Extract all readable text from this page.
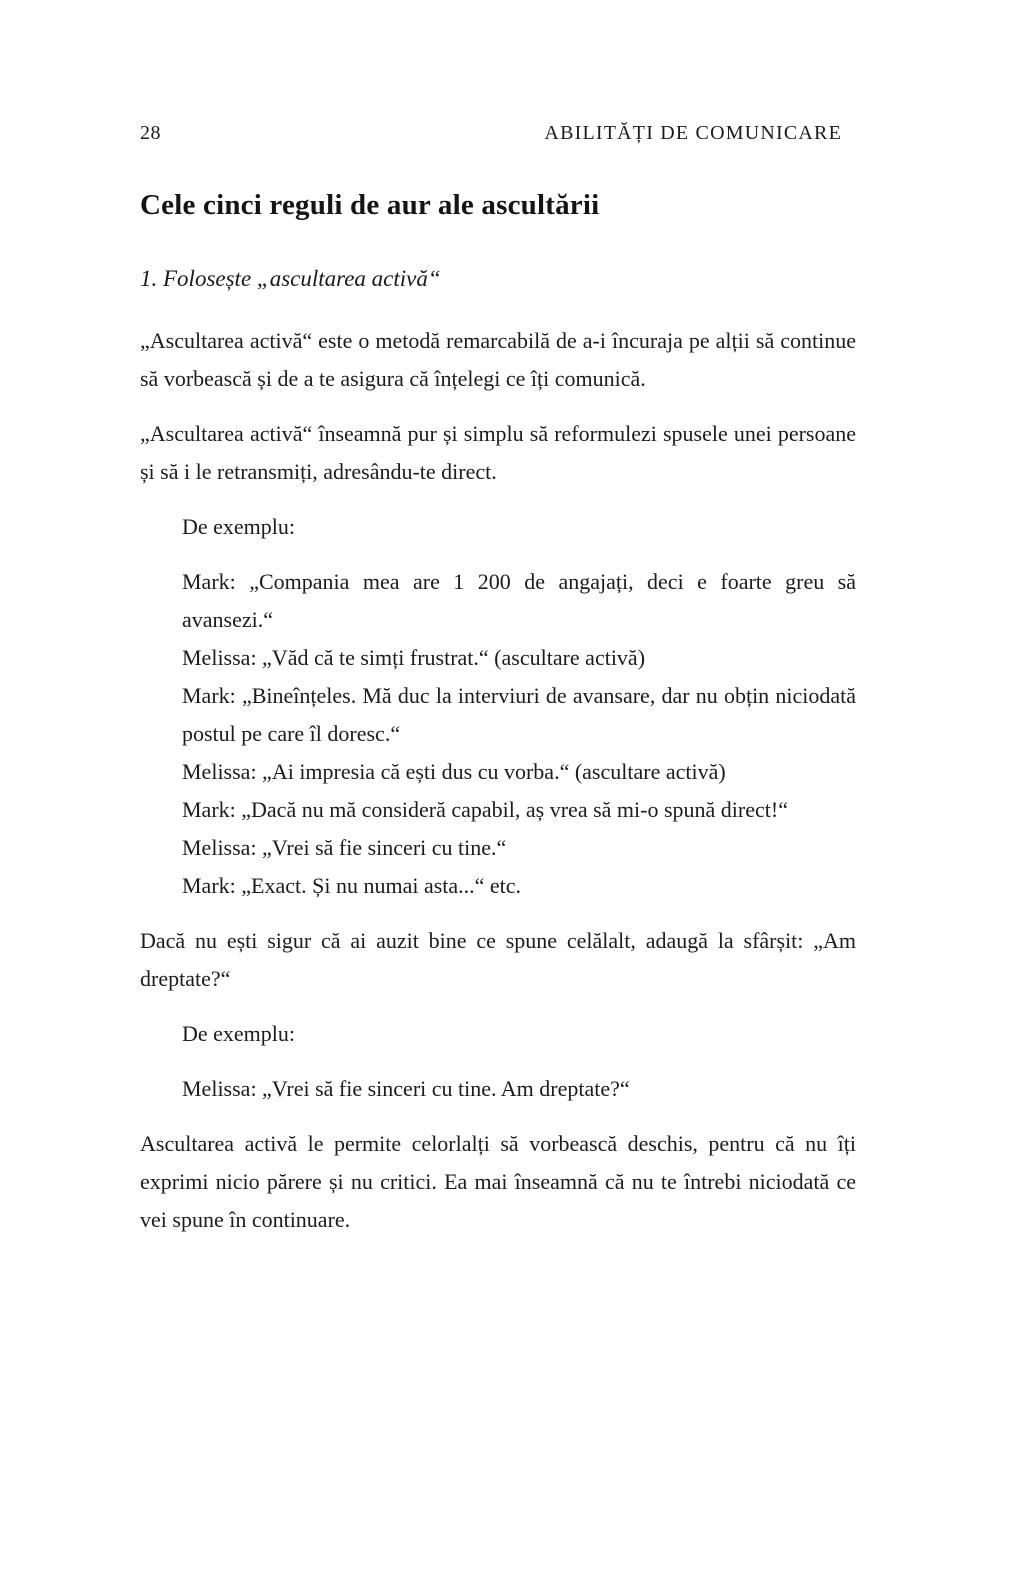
28	ABILITĂȚI DE COMUNICARE
Cele cinci reguli de aur ale ascultării
1. Folosește „ascultarea activă“

„Ascultarea activă“ este o metodă remarcabilă de a-i încuraja pe alții să continue să vorbească și de a te asigura că înțelegi ce îți comunică.

„Ascultarea activă“ înseamnă pur și simplu să reformulezi spusele unei persoane și să i le retransmiți, adresându-te direct.

De exemplu:

Mark: „Compania mea are 1 200 de angajați, deci e foarte greu să avansezi.“

Melissa: „Văd că te simți frustrat.“ (ascultare activă)

Mark: „Bineînțeles. Mă duc la interviuri de avansare, dar nu obțin niciodată postul pe care îl doresc.“

Melissa: „Ai impresia că ești dus cu vorba.“ (ascultare activă)

Mark: „Dacă nu mă consideră capabil, aș vrea să mi-o spună direct!“

Melissa: „Vrei să fie sinceri cu tine.“

Mark: „Exact. Și nu numai asta...“ etc.

Dacă nu ești sigur că ai auzit bine ce spune celălalt, adaugă la sfârșit: „Am dreptate?“

De exemplu:

Melissa: „Vrei să fie sinceri cu tine. Am dreptate?“

Ascultarea activă le permite celorlalți să vorbească deschis, pentru că nu îți exprimi nicio părere și nu critici. Ea mai înseamnă că nu te întrebi niciodată ce vei spune în continuare.
